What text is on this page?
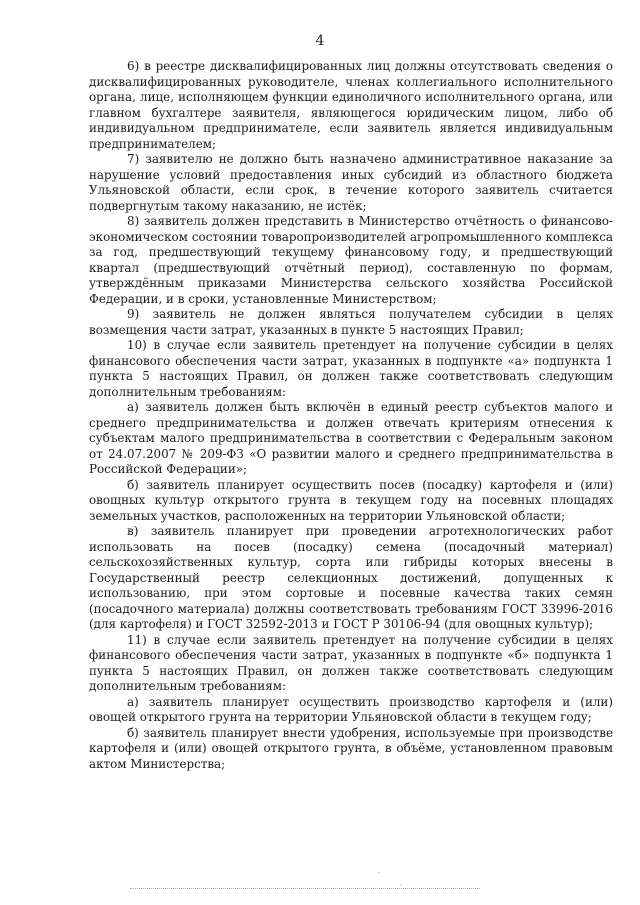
4

6) в реестре дисквалифицированных лиц должны отсутствовать сведения о дисквалифицированных руководителе, членах коллегиального исполнительного органа, лице, исполняющем функции единоличного исполнительного органа, или главном бухгалтере заявителя, являющегося юридическим лицом, либо об индивидуальном предпринимателе, если заявитель является индивидуальным предпринимателем;

7) заявителю не должно быть назначено административное наказание за нарушение условий предоставления иных субсидий из областного бюджета Ульяновской области, если срок, в течение которого заявитель считается подвергнутым такому наказанию, не истёк;

8) заявитель должен представить в Министерство отчётность о финансово-экономическом состоянии товаропроизводителей агропромышленного комплекса за год, предшествующий текущему финансовому году, и предшествующий квартал (предшествующий отчётный период), составленную по формам, утверждённым приказами Министерства сельского хозяйства Российской Федерации, и в сроки, установленные Министерством;

9) заявитель не должен являться получателем субсидии в целях возмещения части затрат, указанных в пункте 5 настоящих Правил;

10) в случае если заявитель претендует на получение субсидии в целях финансового обеспечения части затрат, указанных в подпункте «а» подпункта 1 пункта 5 настоящих Правил, он должен также соответствовать следующим дополнительным требованиям:

а) заявитель должен быть включён в единый реестр субъектов малого и среднего предпринимательства и должен отвечать критериям отнесения к субъектам малого предпринимательства в соответствии с Федеральным законом от 24.07.2007 № 209-ФЗ «О развитии малого и среднего предпринимательства в Российской Федерации»;

б) заявитель планирует осуществить посев (посадку) картофеля и (или) овощных культур открытого грунта в текущем году на посевных площадях земельных участков, расположенных на территории Ульяновской области;

в) заявитель планирует при проведении агротехнологических работ использовать на посев (посадку) семена (посадочный материал) сельскохозяйственных культур, сорта или гибриды которых внесены в Государственный реестр селекционных достижений, допущенных к использованию, при этом сортовые и посевные качества таких семян (посадочного материала) должны соответствовать требованиям ГОСТ 33996-2016 (для картофеля) и ГОСТ 32592-2013 и ГОСТ Р 30106-94 (для овощных культур);

11) в случае если заявитель претендует на получение субсидии в целях финансового обеспечения части затрат, указанных в подпункте «б» подпункта 1 пункта 5 настоящих Правил, он должен также соответствовать следующим дополнительным требованиям:

а) заявитель планирует осуществить производство картофеля и (или) овощей открытого грунта на территории Ульяновской области в текущем году;

б) заявитель планирует внести удобрения, используемые при производстве картофеля и (или) овощей открытого грунта, в объёме, установленном правовым актом Министерства;
